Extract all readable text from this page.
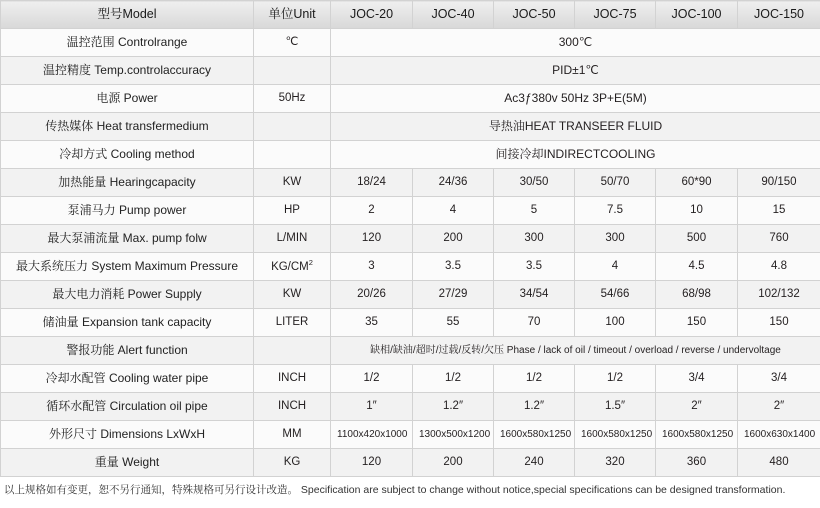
型号Model	单位Unit	JOC-20	JOC-40	JOC-50	JOC-75	JOC-100	JOC-150
温控范围 Controlrange	℃	300℃					
温控精度 Temp.controlaccuracy		PID±1℃					
电源 Power	50Hz	Ac3ƒ380v 50Hz 3P+E(5M)					
传热媒体 Heat transfermedium		导热油HEAT TRANSEER FLUID					
冷却方式 Cooling method		间接冷却INDIRECTCOOLING					
加热能量 Hearingcapacity	KW	18/24	24/36	30/50	50/70	60*90	90/150
泵浦马力 Pump power	HP	2	4	5	7.5	10	15
最大泵浦流量 Max. pump folw	L/MIN	120	200	300	300	500	760
最大系统压力 System Maximum Pressure	$KG/CM^2$	3	3.5	3.5	4	4.5	4.8
最大电力消耗 Power Supply	KW	20/26	27/29	34/54	54/66	68/98	102/132
储油量 Expansion tank capacity	LITER	35	55	70	100	150	150
警报功能 Alert function		缺相/缺油/超时/过载/反转/欠压 Phase / lack of oil / timeout / overload / reverse / undervoltage					
冷却水配管 Cooling water pipe	INCH	1/2	1/2	1/2	1/2	3/4	3/4
循环水配管 Circulation oil pipe	INCH	1″	1.2″	1.2″	1.5″	2″	2″
外形尺寸 Dimensions LxWxH	MM	1100x420x1000	1300x500x1200	1600x580x1250	1600x580x1250	1600x580x1250	1600x630x1400
重量 Weight	KG	120	200	240	320	360	480
以上规格如有变更，恕不另行通知，特殊规格可另行设计改造。 Specification are subject to change without notice,special specifications can be designed transformation.
